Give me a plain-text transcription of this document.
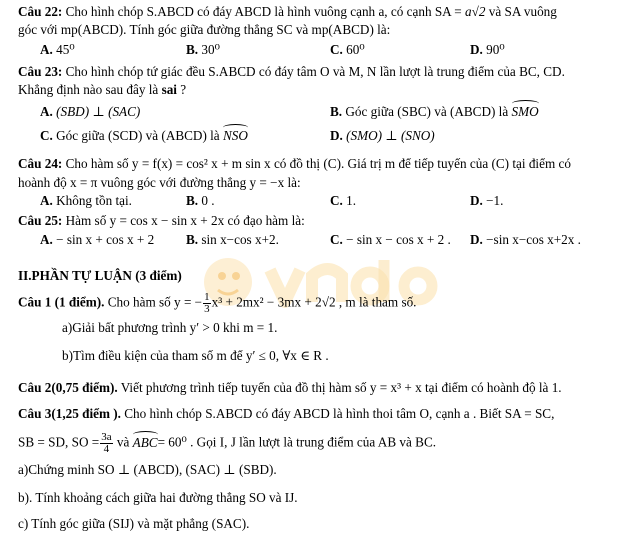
Câu 22: Cho hình chóp S.ABCD có đáy ABCD là hình vuông cạnh a, có cạnh SA = a√2 và SA vuông
góc với mp(ABCD). Tính góc giữa đường thẳng SC và mp(ABCD) là:
A. 45⁰	B. 30⁰	C. 60⁰	D. 90⁰
Câu 23: Cho hình chóp tứ giác đều S.ABCD có đáy tâm O và M, N lần lượt là trung điểm của BC, CD.
Khẳng định nào sau đây là sai ?
A. (SBD) ⊥ (SAC)	B. Góc giữa (SBC) và (ABCD) là SMO
C. Góc giữa (SCD) và (ABCD) là NSO	D. (SMO) ⊥ (SNO)
Câu 24: Cho hàm số y = f(x) = cos² x + m sin x có đồ thị (C). Giá trị m để tiếp tuyến của (C) tại điểm có
hoành độ x = π vuông góc với đường thẳng y = −x là:
A. Không tồn tại.	B. 0 .	C. 1.	D. −1.
Câu 25: Hàm số y = cos x − sin x + 2x có đạo hàm là:
A. − sin x + cos x + 2 B. sin x−cos x+2.	C. − sin x − cos x + 2 . D. −sin x−cos x+2x .
II.PHẦN TỰ LUẬN (3 điểm)
Câu 1 (1 điểm). Cho hàm số y = − $\frac{1}{3} x^3 + 2mx^2 - 3mx + 2√2$ , m là tham số.
a)Giải bất phương trình y′ > 0 khi m = 1.
b)Tìm điều kiện của tham số m để y′ ≤ 0, ∀x ∈ R .
Câu 2(0,75 điểm). Viết phương trình tiếp tuyến của đồ thị hàm số y = x³ + x tại điểm có hoành độ là 1.
Câu 3(1,25 điểm ). Cho hình chóp S.ABCD có đáy ABCD là hình thoi tâm O, cạnh a . Biết SA = SC,
SB = SD, SO = $\frac{3a}{4}$ và ABC= 60⁰ . Gọi I, J lần lượt là trung điểm của AB và BC.
a)Chứng minh SO ⊥ (ABCD), (SAC) ⊥ (SBD).
b). Tính khoảng cách giữa hai đường thẳng SO và IJ.
c) Tính góc giữa (SIJ) và mặt phẳng (SAC).
